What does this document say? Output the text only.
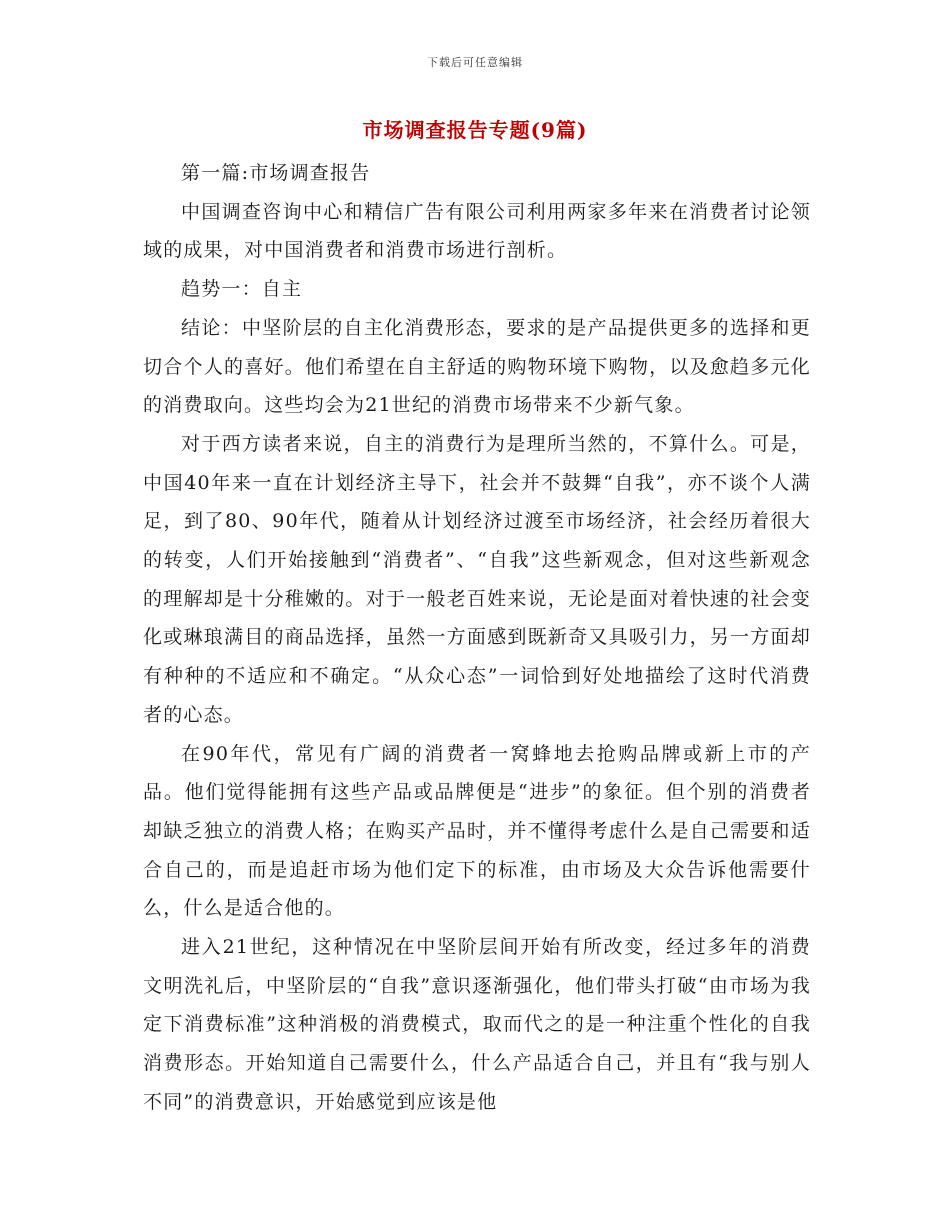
下载后可任意编辑
市场调查报告专题(9篇)

第一篇:市场调查报告

中国调查咨询中心和精信广告有限公司利用两家多年来在消费者讨论领域的成果，对中国消费者和消费市场进行剖析。

趋势一：自主

结论：中坚阶层的自主化消费形态，要求的是产品提供更多的选择和更切合个人的喜好。他们希望在自主舒适的购物环境下购物，以及愈趋多元化的消费取向。这些均会为21世纪的消费市场带来不少新气象。

对于西方读者来说，自主的消费行为是理所当然的，不算什么。可是，中国40年来一直在计划经济主导下，社会并不鼓舞“自我”，亦不谈个人满足，到了80、90年代，随着从计划经济过渡至市场经济，社会经历着很大的转变，人们开始接触到“消费者”、“自我”这些新观念，但对这些新观念的理解却是十分稚嫩的。对于一般老百姓来说，无论是面对着快速的社会变化或琳琅满目的商品选择，虽然一方面感到既新奇又具吸引力，另一方面却有种种的不适应和不确定。“从众心态”一词恰到好处地描绘了这时代消费者的心态。

在90年代，常见有广阔的消费者一窝蜂地去抢购品牌或新上市的产品。他们觉得能拥有这些产品或品牌便是“进步”的象征。但个别的消费者却缺乏独立的消费人格；在购买产品时，并不懂得考虑什么是自己需要和适合自己的，而是追赶市场为他们定下的标准，由市场及大众告诉他需要什么，什么是适合他的。

进入21世纪，这种情况在中坚阶层间开始有所改变，经过多年的消费文明洗礼后，中坚阶层的“自我”意识逐渐强化，他们带头打破“由市场为我定下消费标准”这种消极的消费模式，取而代之的是一种注重个性化的自我消费形态。开始知道自己需要什么，什么产品适合自己，并且有“我与别人不同”的消费意识，开始感觉到应该是他
